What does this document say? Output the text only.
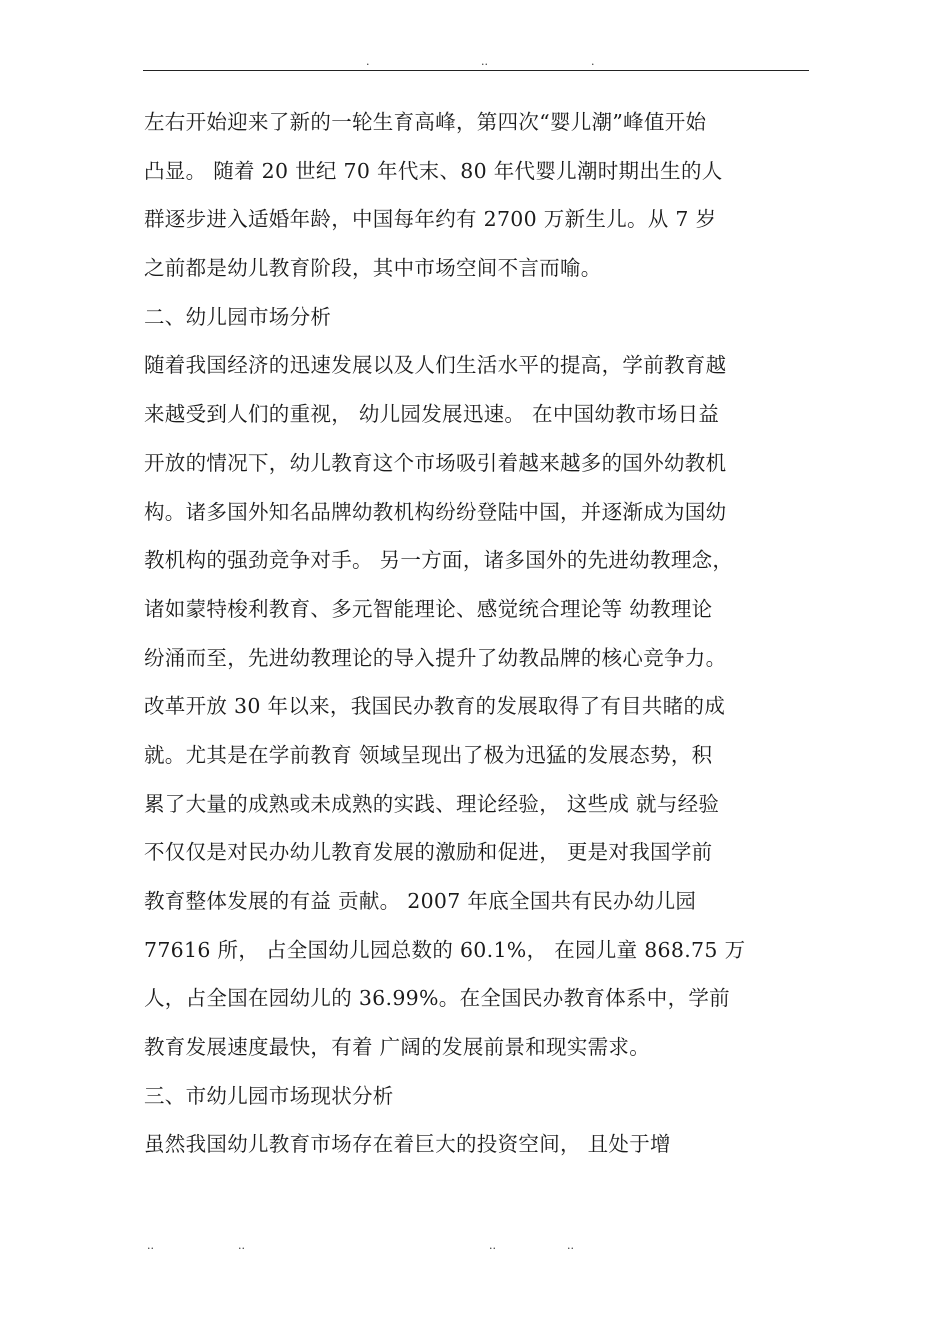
.	..	.
左右开始迎来了新的一轮生育高峰，第四次“婴儿潮”峰值开始
凸显。 随着 20 世纪 70 年代末、80 年代婴儿潮时期出生的人
群逐步进入适婚年龄，中国每年约有 2700 万新生儿。从 7 岁
之前都是幼儿教育阶段，其中市场空间不言而喻。
二、幼儿园市场分析
随着我国经济的迅速发展以及人们生活水平的提高，学前教育越
来越受到人们的重视， 幼儿园发展迅速。 在中国幼教市场日益
开放的情况下，幼儿教育这个市场吸引着越来越多的国外幼教机
构。诸多国外知名品牌幼教机构纷纷登陆中国，并逐渐成为国幼
教机构的强劲竞争对手。 另一方面，诸多国外的先进幼教理念，
诸如蒙特梭利教育、多元智能理论、感觉统合理论等 幼教理论
纷涌而至，先进幼教理论的导入提升了幼教品牌的核心竞争力。
改革开放 30 年以来，我国民办教育的发展取得了有目共睹的成
就。尤其是在学前教育 领域呈现出了极为迅猛的发展态势，积
累了大量的成熟或未成熟的实践、理论经验， 这些成 就与经验
不仅仅是对民办幼儿教育发展的激励和促进， 更是对我国学前
教育整体发展的有益 贡献。 2007 年底全国共有民办幼儿园
77616 所， 占全国幼儿园总数的 60.1%， 在园儿童 868.75 万
人，占全国在园幼儿的 36.99%。在全国民办教育体系中，学前
教育发展速度最快，有着 广阔的发展前景和现实需求。
三、市幼儿园市场现状分析
虽然我国幼儿教育市场存在着巨大的投资空间， 且处于增
..	..	..	..
